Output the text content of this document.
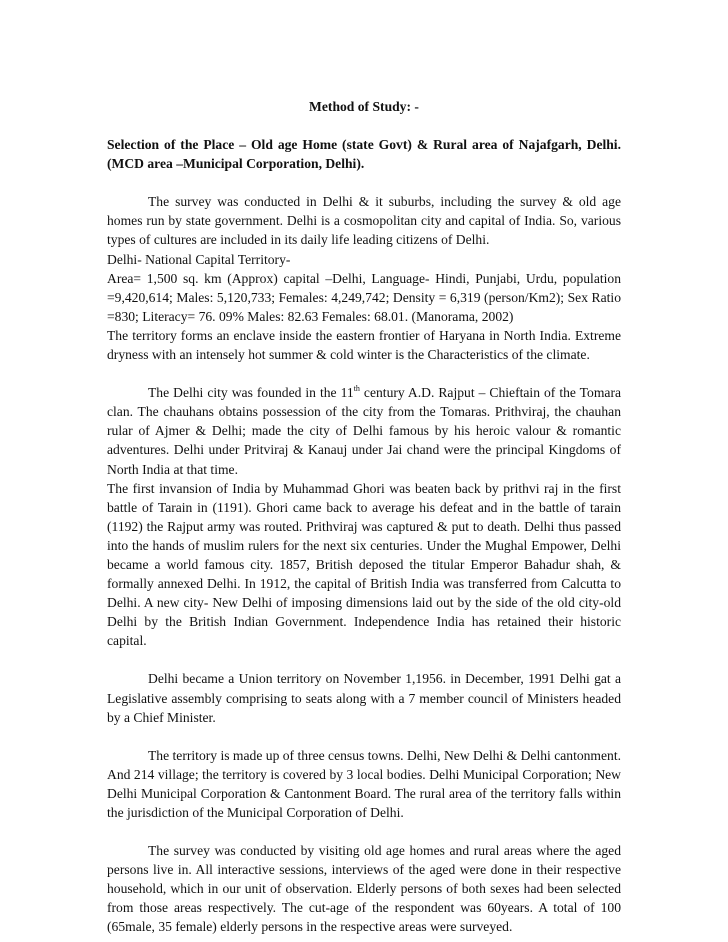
Method of Study: -
Selection of the Place – Old age Home (state Govt) & Rural area of Najafgarh, Delhi. (MCD area –Municipal Corporation, Delhi).

The survey was conducted in Delhi & it suburbs, including the survey & old age homes run by state government. Delhi is a cosmopolitan city and capital of India. So, various types of cultures are included in its daily life leading citizens of Delhi.

Delhi- National Capital Territory-

Area= 1,500 sq. km (Approx) capital –Delhi, Language- Hindi, Punjabi, Urdu, population =9,420,614; Males: 5,120,733; Females: 4,249,742; Density = 6,319 (person/Km2); Sex Ratio =830; Literacy= 76. 09% Males: 82.63 Females: 68.01. (Manorama, 2002)

The territory forms an enclave inside the eastern frontier of Haryana in North India. Extreme dryness with an intensely hot summer & cold winter is the Characteristics of the climate.

The Delhi city was founded in the 11th century A.D. Rajput – Chieftain of the Tomara clan. The chauhans obtains possession of the city from the Tomaras. Prithviraj, the chauhan rular of Ajmer & Delhi; made the city of Delhi famous by his heroic valour & romantic adventures. Delhi under Pritviraj & Kanauj under Jai chand were the principal Kingdoms of North India at that time.

The first invansion of India by Muhammad Ghori was beaten back by prithvi raj in the first battle of Tarain in (1191). Ghori came back to average his defeat and in the battle of tarain (1192) the Rajput army was routed. Prithviraj was captured & put to death. Delhi thus passed into the hands of muslim rulers for the next six centuries. Under the Mughal Empower, Delhi became a world famous city. 1857, British deposed the titular Emperor Bahadur shah, & formally annexed Delhi. In 1912, the capital of British India was transferred from Calcutta to Delhi. A new city- New Delhi of imposing dimensions laid out by the side of the old city-old Delhi by the British Indian Government. Independence India has retained their historic capital.

Delhi became a Union territory on November 1,1956. in December, 1991 Delhi gat a Legislative assembly comprising to seats along with a 7 member council of Ministers headed by a Chief Minister.

The territory is made up of three census towns. Delhi, New Delhi & Delhi cantonment. And 214 village; the territory is covered by 3 local bodies. Delhi Municipal Corporation; New Delhi Municipal Corporation & Cantonment Board. The rural area of the territory falls within the jurisdiction of the Municipal Corporation of Delhi.

The survey was conducted by visiting old age homes and rural areas where the aged persons live in. All interactive sessions, interviews of the aged were done in their respective household, which in our unit of observation. Elderly persons of both sexes had been selected from those areas respectively. The cut-age of the respondent was 60years. A total of 100 (65male, 35 female) elderly persons in the respective areas were surveyed.
